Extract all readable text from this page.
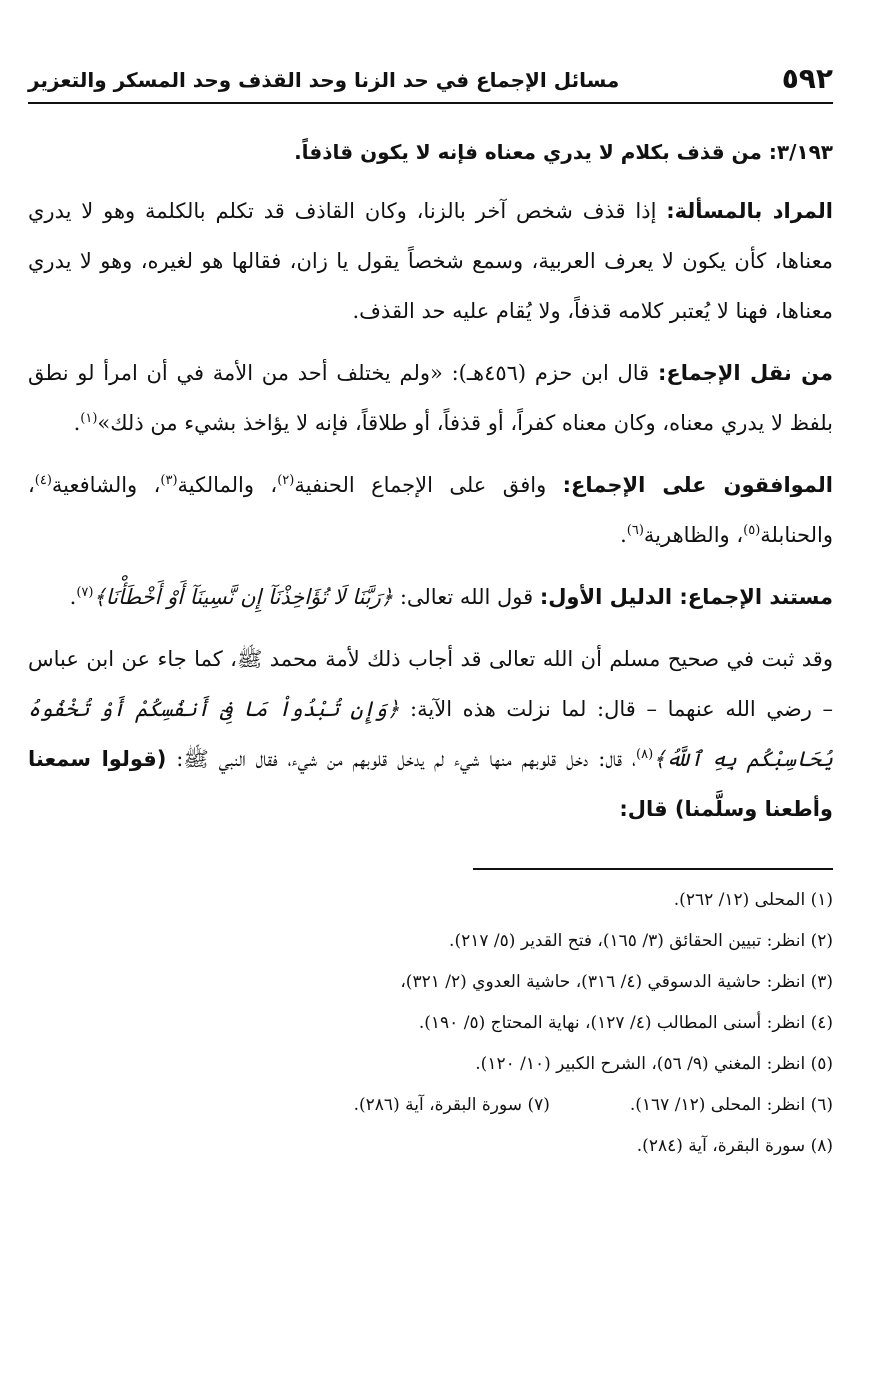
٥٩٢
مسائل الإجماع في حد الزنا وحد القذف وحد المسكر والتعزير
٣/١٩٣: من قذف بكلام لا يدري معناه فإنه لا يكون قاذفاً.

المراد بالمسألة: إذا قذف شخص آخر بالزنا، وكان القاذف قد تكلم بالكلمة وهو لا يدري معناها، كأن يكون لا يعرف العربية، وسمع شخصاً يقول يا زان، فقالها هو لغيره، وهو لا يدري معناها، فهنا لا يُعتبر كلامه قذفاً، ولا يُقام عليه حد القذف.

من نقل الإجماع: قال ابن حزم (٤٥٦هـ): «ولم يختلف أحد من الأمة في أن امرأ لو نطق بلفظ لا يدري معناه، وكان معناه كفراً، أو قذفاً، أو طلاقاً، فإنه لا يؤاخذ بشيء من ذلك»$^{(١)}$.

الموافقون على الإجماع: وافق على الإجماع الحنفية$^{(٢)}$، والمالكية$^{(٣)}$، والشافعية$^{(٤)}$، والحنابلة$^{(٥)}$، والظاهرية$^{(٦)}$.

مستند الإجماع: الدليل الأول: قول الله تعالى: ﴿رَبَّنَا لَا تُؤَاخِذْنَآ إِن نَّسِينَآ أَوْ أَخْطَأْنَا﴾$^{(٧)}$.

وقد ثبت في صحيح مسلم أن الله تعالى قد أجاب ذلك لأمة محمد ﷺ، كما جاء عن ابن عباس – رضي الله عنهما – قال: لما نزلت هذه الآية: ﴿وَإِن تُبْدُواْ مَا فِىٓ أَنفُسِكُمْ أَوْ تُخْفُوهُ يُحَاسِبْكُم بِهِ ٱللَّهُ﴾$^{(٨)}$، قال: دخل قلوبهم منها شيء لم يدخل قلوبهم من شيء، فقال النبي ﷺ: (قولوا سمعنا وأطعنا وسلَّمنا) قال:

(١) المحلى (١٢/ ٢٦٢).
(٢) انظر: تبيين الحقائق (٣/ ١٦٥)، فتح القدير (٥/ ٢١٧).
(٣) انظر: حاشية الدسوقي (٤/ ٣١٦)، حاشية العدوي (٢/ ٣٢١)،
(٤) انظر: أسنى المطالب (٤/ ١٢٧)، نهاية المحتاج (٥/ ١٩٠).
(٥) انظر: المغني (٩/ ٥٦)، الشرح الكبير (١٠/ ١٢٠).
(٦) انظر: المحلى (١٢/ ١٦٧).
(٧) سورة البقرة، آية (٢٨٦).
(٨) سورة البقرة، آية (٢٨٤).
